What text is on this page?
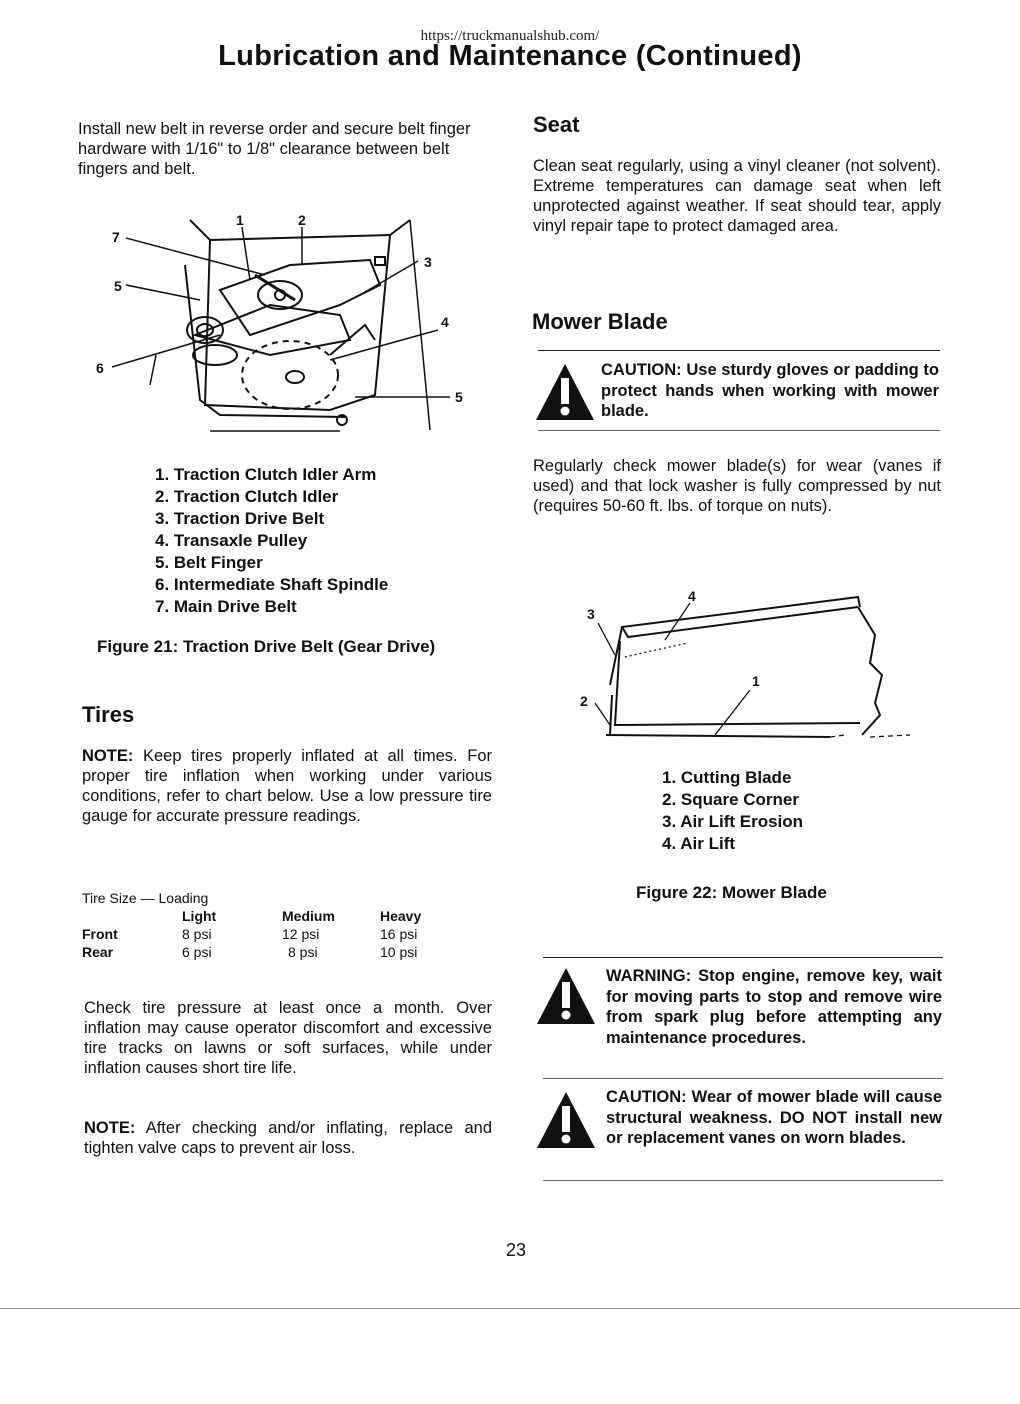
https://truckmanualshub.com/
Lubrication and Maintenance (Continued)
Install new belt in reverse order and secure belt finger hardware with 1/16" to 1/8" clearance between belt fingers and belt.
1	2
3
4
5
5
6
7
1. Traction Clutch Idler Arm
2. Traction Clutch Idler
3. Traction Drive Belt
4. Transaxle Pulley
5. Belt Finger
6. Intermediate Shaft Spindle
7. Main Drive Belt
Figure 21: Traction Drive Belt (Gear Drive)
Tires
NOTE: Keep tires properly inflated at all times. For proper tire inflation when working under various conditions, refer to chart below. Use a low pressure tire gauge for accurate pressure readings.
Tire Size — Loading
	Light	Medium	Heavy
Front	8 psi	12 psi	16 psi
Rear	6 psi	8 psi	10 psi
Check tire pressure at least once a month. Over inflation may cause operator discomfort and excessive tire tracks on lawns or soft surfaces, while under inflation causes short tire life.
NOTE: After checking and/or inflating, replace and tighten valve caps to prevent air loss.
Seat
Clean seat regularly, using a vinyl cleaner (not solvent). Extreme temperatures can damage seat when left unprotected against weather. If seat should tear, apply vinyl repair tape to protect damaged area.
Mower Blade
CAUTION: Use sturdy gloves or padding to protect hands when working with mower blade.
Regularly check mower blade(s) for wear (vanes if used) and that lock washer is fully compressed by nut (requires 50-60 ft. lbs. of torque on nuts).
1
2
3
4
1. Cutting Blade
2. Square Corner
3. Air Lift Erosion
4. Air Lift
Figure 22: Mower Blade
WARNING: Stop engine, remove key, wait for moving parts to stop and remove wire from spark plug before attempting any maintenance procedures.
CAUTION: Wear of mower blade will cause structural weakness. DO NOT install new or replacement vanes on worn blades.
23
